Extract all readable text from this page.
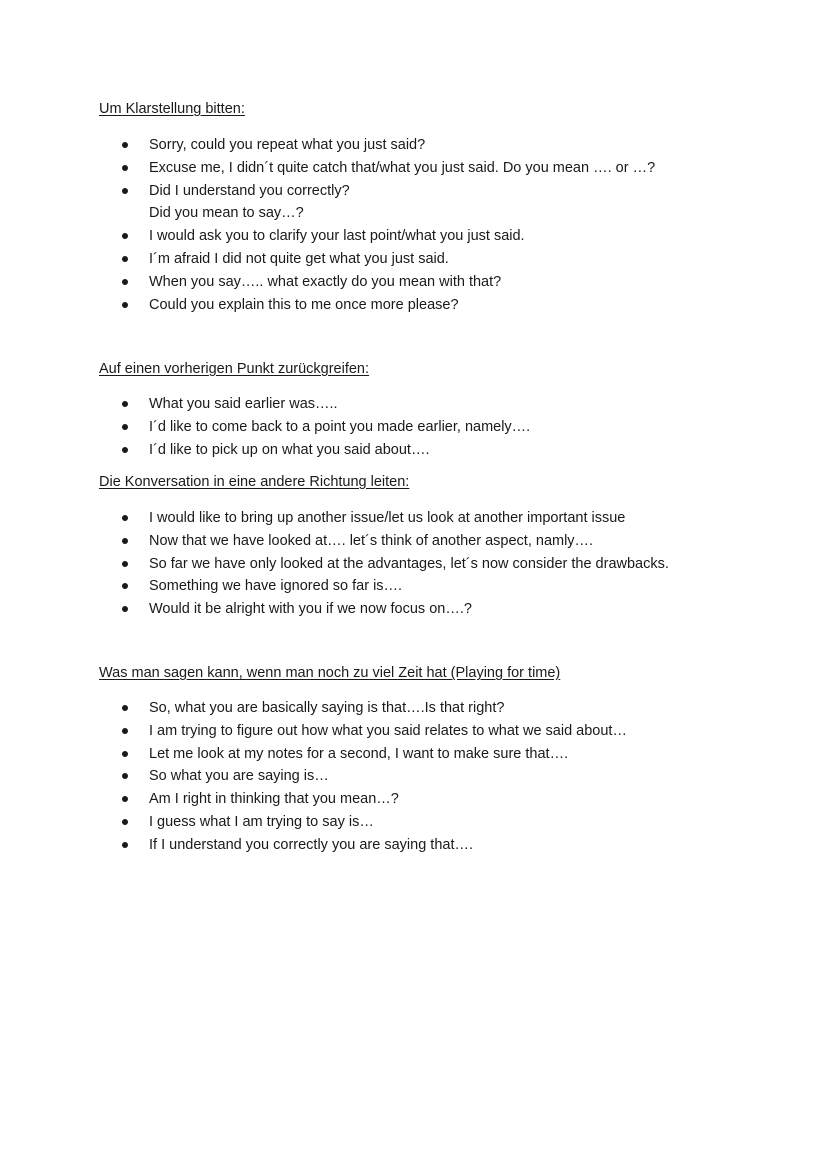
Um Klarstellung bitten:
Sorry, could you repeat what you just said?
Excuse me, I didn´t quite catch that/what you just said. Do you mean …. or …?
Did I understand you correctly?
Did you mean to say…?
I would ask you to clarify your last point/what you just said.
I´m afraid I did not quite get what you just said.
When you say….. what exactly do you mean with that?
Could you explain this to me once more please?
Auf einen vorherigen Punkt zurückgreifen:
What you said earlier was…..
I´d like to come back to a point you made earlier, namely….
I´d like to pick up on what you said about….
Die Konversation in eine andere Richtung leiten:
I would like to bring up another issue/let us look at another important issue
Now that we have looked at…. let´s think of another aspect, namly….
So far we have only looked at the advantages, let´s now consider the drawbacks.
Something we have ignored so far is….
Would it be alright with you if we now focus on….?
Was man sagen kann, wenn man noch zu viel Zeit hat (Playing for time)
So, what you are basically saying is that….Is that right?
I am trying to figure out how what you said relates to what we said about…
Let me look at my notes for a second, I want to make sure that….
So what you are saying is…
Am I right in thinking that you mean…?
I guess what I am trying to say is…
If I understand you correctly you are saying that….
